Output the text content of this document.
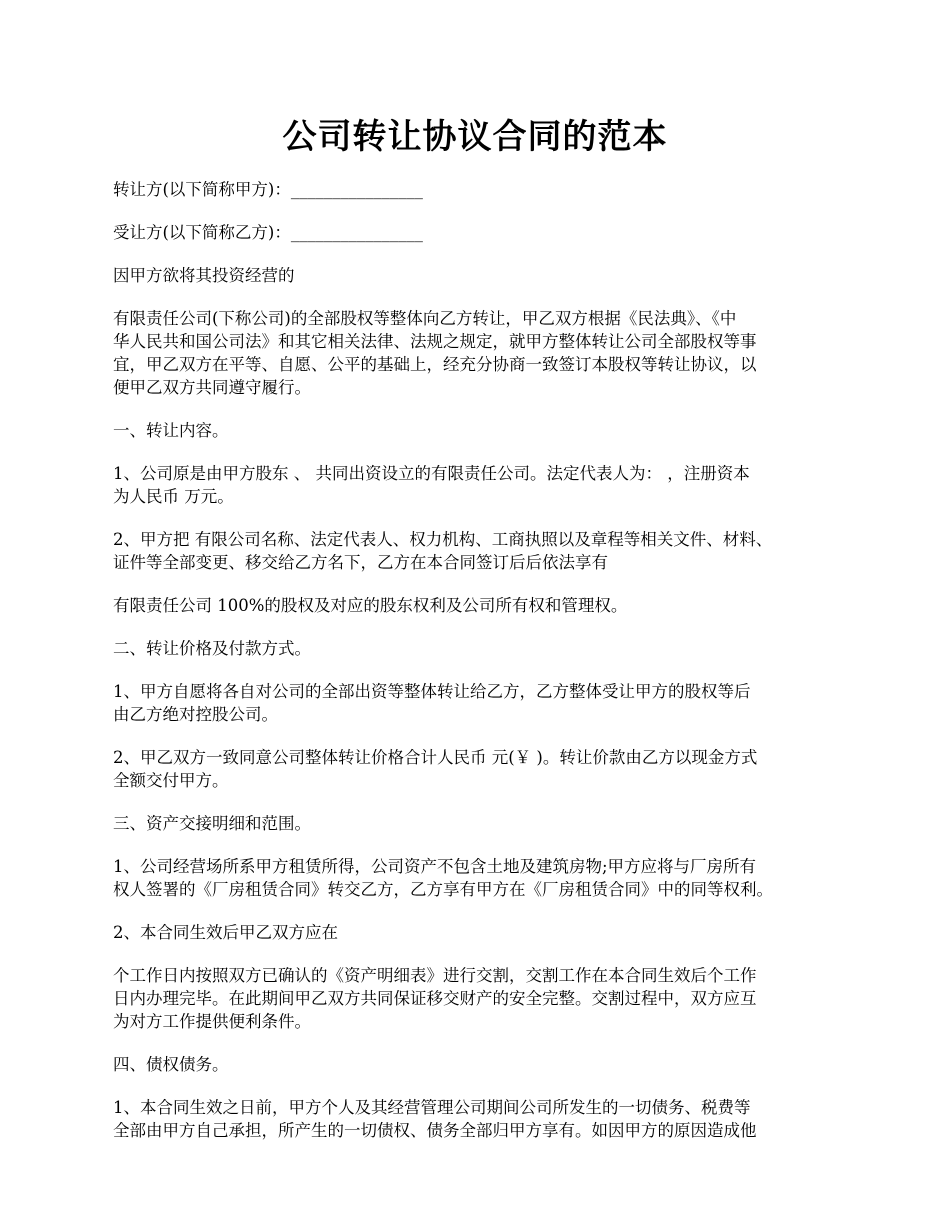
公司转让协议合同的范本

转让方(以下简称甲方)：________________

受让方(以下简称乙方)：________________

因甲方欲将其投资经营的

有限责任公司(下称公司)的全部股权等整体向乙方转让，甲乙双方根据《民法典》、《中
华人民共和国公司法》和其它相关法律、法规之规定，就甲方整体转让公司全部股权等事
宜，甲乙双方在平等、自愿、公平的基础上，经充分协商一致签订本股权等转让协议，以
便甲乙双方共同遵守履行。

一、转让内容。

1、公司原是由甲方股东 、 共同出资设立的有限责任公司。法定代表人为： ，注册资本
为人民币 万元。

2、甲方把 有限公司名称、法定代表人、权力机构、工商执照以及章程等相关文件、材料、
证件等全部变更、移交给乙方名下，乙方在本合同签订后后依法享有

有限责任公司 100%的股权及对应的股东权利及公司所有权和管理权。

二、转让价格及付款方式。

1、甲方自愿将各自对公司的全部出资等整体转让给乙方，乙方整体受让甲方的股权等后
由乙方绝对控股公司。

2、甲乙双方一致同意公司整体转让价格合计人民币 元(￥ )。转让价款由乙方以现金方式
全额交付甲方。

三、资产交接明细和范围。

1、公司经营场所系甲方租赁所得，公司资产不包含土地及建筑房物;甲方应将与厂房所有
权人签署的《厂房租赁合同》转交乙方，乙方享有甲方在《厂房租赁合同》中的同等权利。

2、本合同生效后甲乙双方应在

个工作日内按照双方已确认的《资产明细表》进行交割，交割工作在本合同生效后个工作
日内办理完毕。在此期间甲乙双方共同保证移交财产的安全完整。交割过程中，双方应互
为对方工作提供便利条件。

四、债权债务。

1、本合同生效之日前，甲方个人及其经营管理公司期间公司所发生的一切债务、税费等
全部由甲方自己承担，所产生的一切债权、债务全部归甲方享有。如因甲方的原因造成他
